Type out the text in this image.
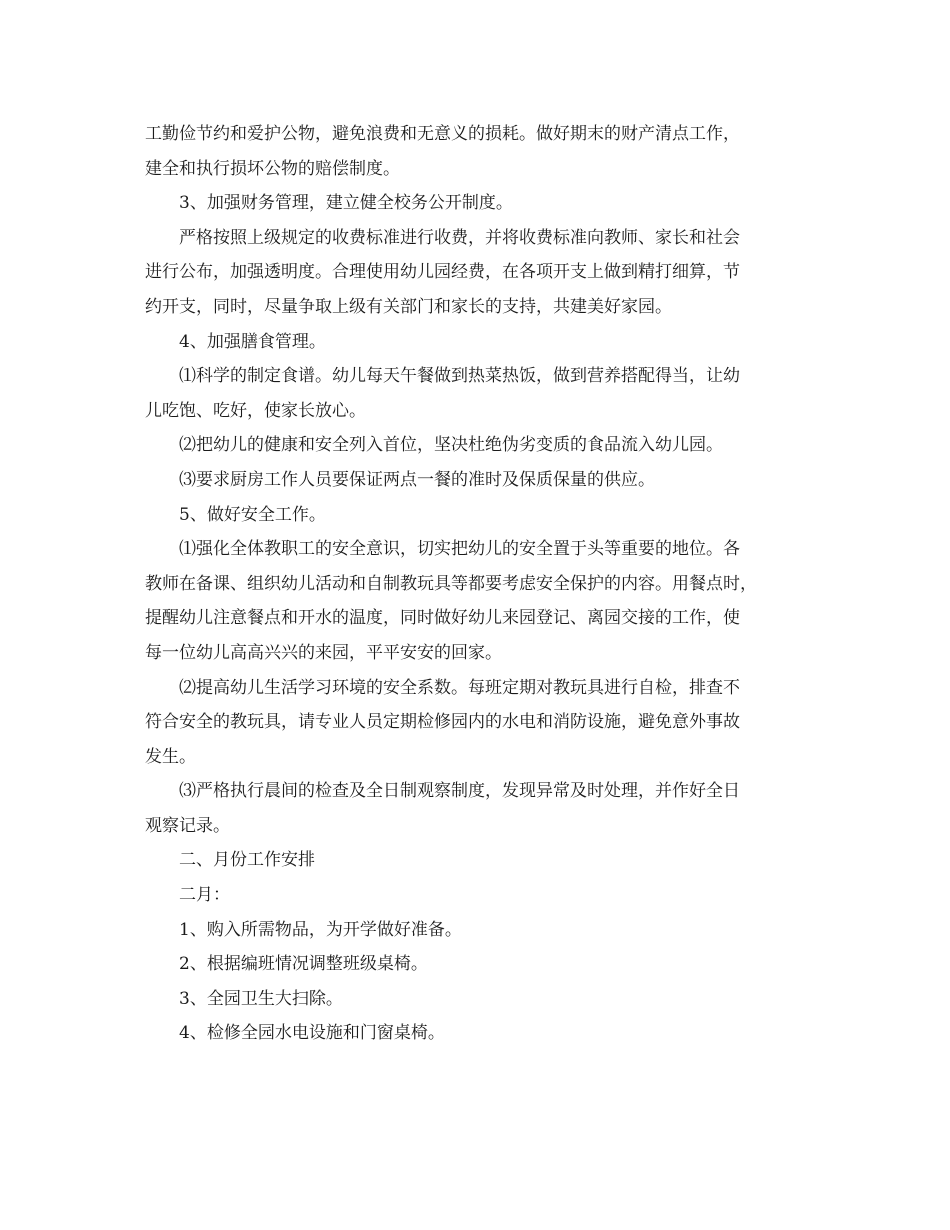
工勤俭节约和爱护公物，避免浪费和无意义的损耗。做好期末的财产清点工作，
建全和执行损坏公物的赔偿制度。

3、加强财务管理，建立健全校务公开制度。

严格按照上级规定的收费标准进行收费，并将收费标准向教师、家长和社会
进行公布，加强透明度。合理使用幼儿园经费，在各项开支上做到精打细算，节
约开支，同时，尽量争取上级有关部门和家长的支持，共建美好家园。

4、加强膳食管理。

⑴科学的制定食谱。幼儿每天午餐做到热菜热饭，做到营养搭配得当，让幼
儿吃饱、吃好，使家长放心。

⑵把幼儿的健康和安全列入首位，坚决杜绝伪劣变质的食品流入幼儿园。

⑶要求厨房工作人员要保证两点一餐的准时及保质保量的供应。

5、做好安全工作。

⑴强化全体教职工的安全意识，切实把幼儿的安全置于头等重要的地位。各
教师在备课、组织幼儿活动和自制教玩具等都要考虑安全保护的内容。用餐点时，
提醒幼儿注意餐点和开水的温度，同时做好幼儿来园登记、离园交接的工作，使
每一位幼儿高高兴兴的来园，平平安安的回家。

⑵提高幼儿生活学习环境的安全系数。每班定期对教玩具进行自检，排查不
符合安全的教玩具，请专业人员定期检修园内的水电和消防设施，避免意外事故
发生。

⑶严格执行晨间的检查及全日制观察制度，发现异常及时处理，并作好全日
观察记录。

二、月份工作安排

二月：

1、购入所需物品，为开学做好准备。

2、根据编班情况调整班级桌椅。

3、全园卫生大扫除。

4、检修全园水电设施和门窗桌椅。
